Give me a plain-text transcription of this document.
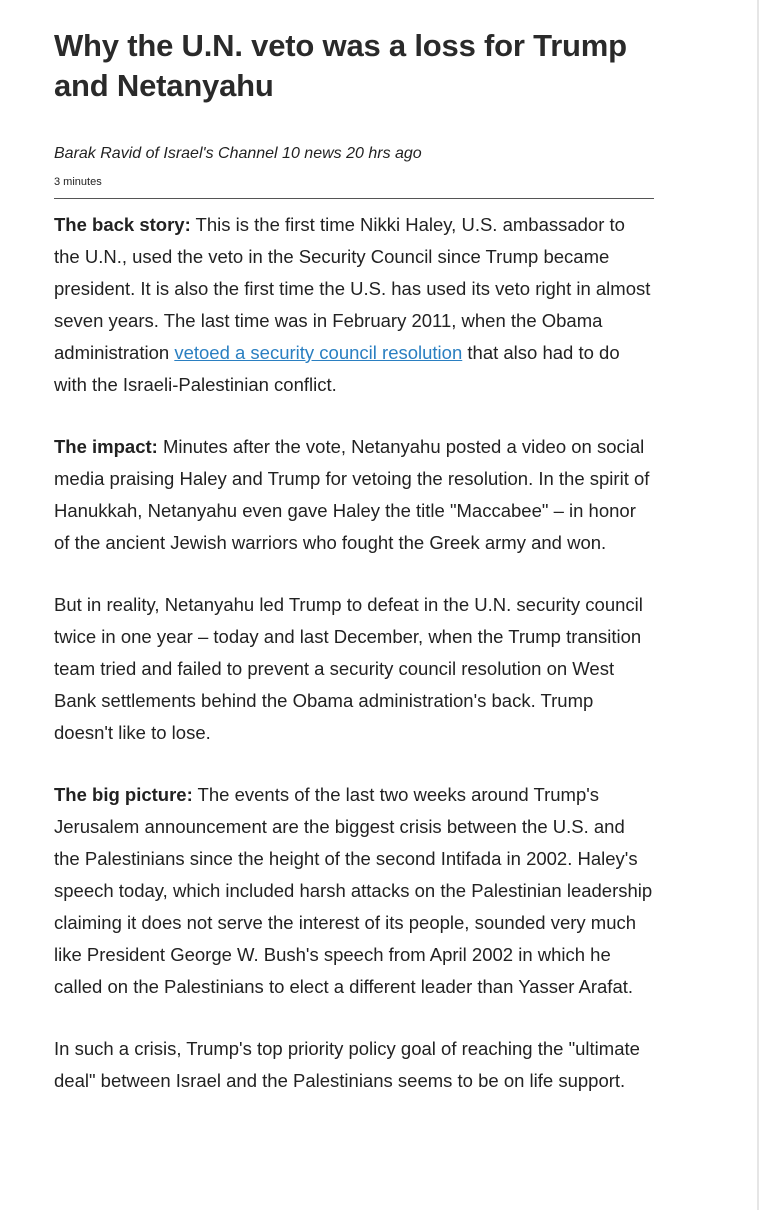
Why the U.N. veto was a loss for Trump and Netanyahu

Barak Ravid of Israel's Channel 10 news 20 hrs ago

3 minutes

The back story: This is the first time Nikki Haley, U.S. ambassador to the U.N., used the veto in the Security Council since Trump became president. It is also the first time the U.S. has used its veto right in almost seven years. The last time was in February 2011, when the Obama administration vetoed a security council resolution that also had to do with the Israeli-Palestinian conflict.

The impact: Minutes after the vote, Netanyahu posted a video on social media praising Haley and Trump for vetoing the resolution. In the spirit of Hanukkah, Netanyahu even gave Haley the title "Maccabee" – in honor of the ancient Jewish warriors who fought the Greek army and won.

But in reality, Netanyahu led Trump to defeat in the U.N. security council twice in one year – today and last December, when the Trump transition team tried and failed to prevent a security council resolution on West Bank settlements behind the Obama administration's back. Trump doesn't like to lose.

The big picture: The events of the last two weeks around Trump's Jerusalem announcement are the biggest crisis between the U.S. and the Palestinians since the height of the second Intifada in 2002. Haley's speech today, which included harsh attacks on the Palestinian leadership claiming it does not serve the interest of its people, sounded very much like President George W. Bush's speech from April 2002 in which he called on the Palestinians to elect a different leader than Yasser Arafat.

In such a crisis, Trump's top priority policy goal of reaching the "ultimate deal" between Israel and the Palestinians seems to be on life support.
